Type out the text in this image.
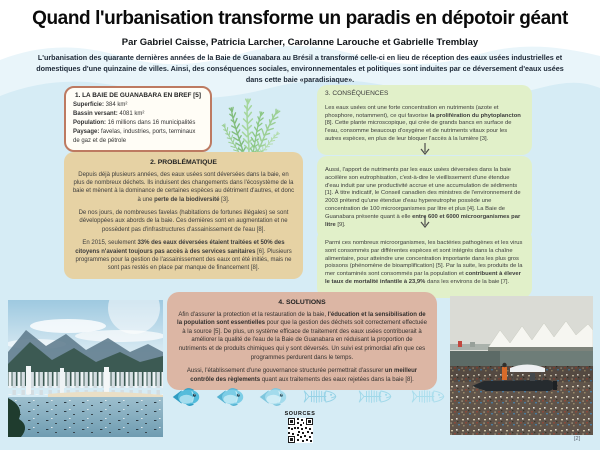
Quand l'urbanisation transforme un paradis en dépotoir géant
Par Gabriel Caisse, Patricia Larcher, Carolanne Larouche et Gabrielle Tremblay
L'urbanisation des quarante dernières années de la Baie de Guanabara au Brésil a transformé celle-ci en lieu de réception des eaux usées industrielles et domestiques d'une quinzaine de villes. Ainsi, des conséquences sociales, environnementales et politiques sont induites par ce déversement d'eaux usées dans cette baie «paradisiaque».
1. LA BAIE DE GUANABARA EN BREF [5]
Superficie: 384 km²
Bassin versant: 4081 km²
Population: 16 millions dans 16 municipalités
Paysage: favelas, industries, ports, terminaux de gaz et de pétrole
2. PROBLÉMATIQUE

Depuis déjà plusieurs années, des eaux usées sont déversées dans la baie, en plus de nombreux déchets. Ils induisent des changements dans l'écosystème de la baie et mènent à la dominance de certaines espèces au détriment d'autres, et donc à une perte de la biodiversité [3].

De nos jours, de nombreuses favelas (habitations de fortunes illégales) se sont développées aux abords de la baie. Ces dernières sont en augmentation et ne possèdent pas d'infrastructures d'assainissement de l'eau [8].

En 2015, seulement 33% des eaux déversées étaient traitées et 50% des citoyens n'avaient toujours pas accès à des services sanitaires [6]. Plusieurs programmes pour la gestion de l'assainissement des eaux ont été initiés, mais ne sont pas restés en place par manque de financement [8].

3. CONSÉQUENCES

Les eaux usées ont une forte concentration en nutriments (azote et phosphore, notamment), ce qui favorise la prolifération du phytoplancton [8]. Cette plante microscopique, qui crée de grands bancs en surface de l'eau, consomme beaucoup d'oxygène et de nutriments vitaux pour les autres espèces, en plus de leur bloquer l'accès à la lumière [3].

Aussi, l'apport de nutriments par les eaux usées déversées dans la baie accélère son eutrophisation, c'est-à-dire le vieillissement d'une étendue d'eau induit par une productivité accrue et une accumulation de sédiments [1]. À titre indicatif, le Conseil canadien des ministres de l'environnement de 2003 prétend qu'une étendue d'eau hypereutrophe possède une concentration de 100 microorganismes par litre et plus [4]. La Baie de Guanabara présente quant à elle entre 600 et 6000 microorganismes par litre [9].

Parmi ces nombreux microorganismes, les bactéries pathogènes et les virus sont consommés par différentes espèces et sont intégrés dans la chaîne alimentaire, pour atteindre une concentration importante dans les plus gros poissons (phénomène de bioamplification) [5]. Par la suite, les produits de la mer contaminés sont consommés par la population et contribuent à élever le taux de mortalité infantile à 23,9% dans les environs de la baie [7].

4. SOLUTIONS

Afin d'assurer la protection et la restauration de la baie, l'éducation et la sensibilisation de la population sont essentielles pour que la gestion des déchets soit correctement effectuée à la source [5]. De plus, un système efficace de traitement des eaux usées contribuerait à améliorer la qualité de l'eau de la Baie de Guanabara en réduisant la proportion de nutriments et de produits chimiques qui y sont déversés. Un suivi est primordial afin que ces programmes perdurent dans le temps.

Aussi, l'établissement d'une gouvernance structurée permettrait d'assurer un meilleur contrôle des règlements quant aux traitements des eaux rejetées dans la baie [8].

SOURCES
[2]
